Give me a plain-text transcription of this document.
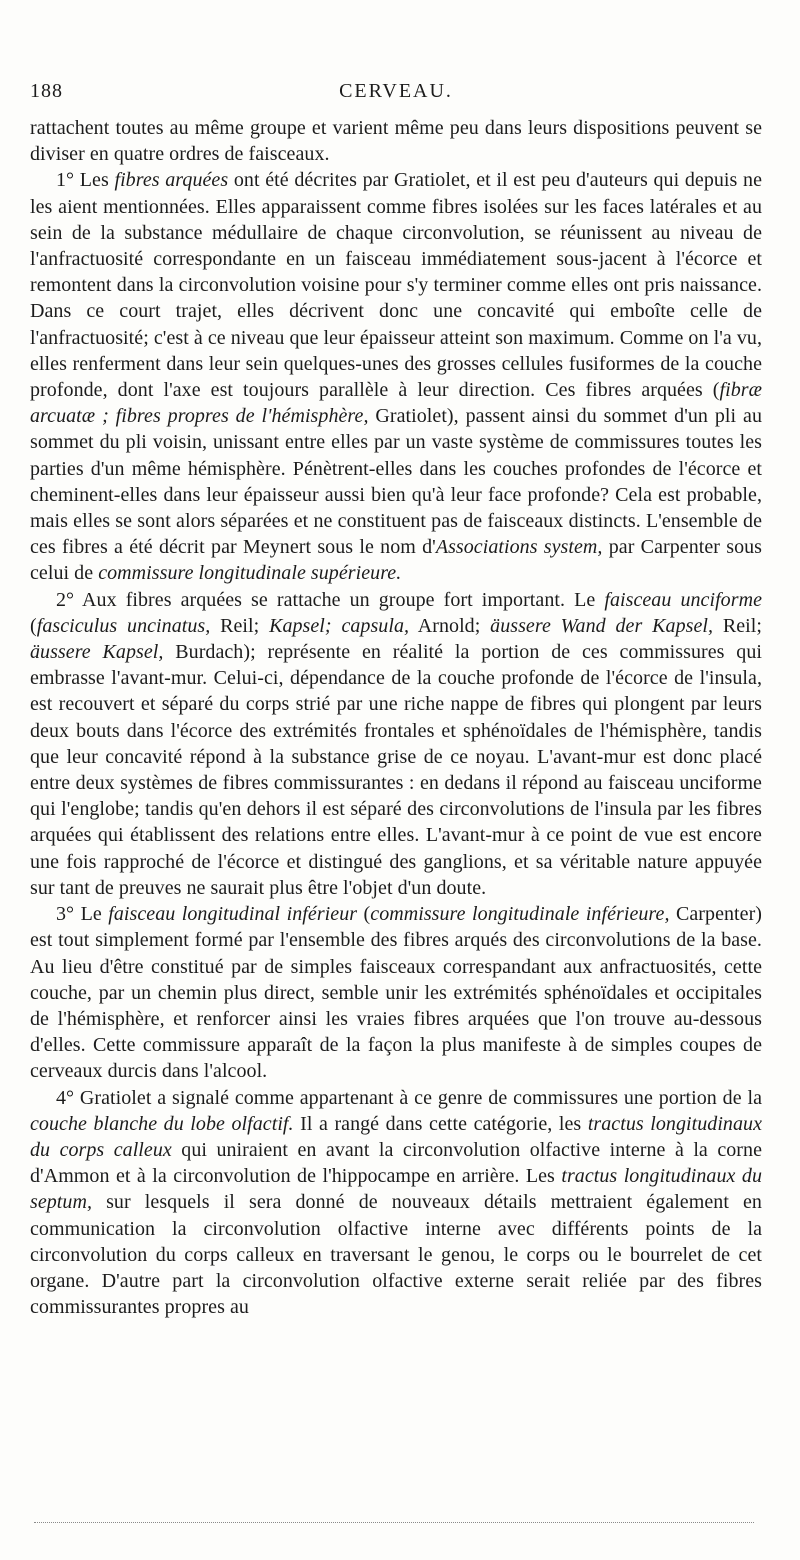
188	CERVEAU.

rattachent toutes au même groupe et varient même peu dans leurs dispositions peuvent se diviser en quatre ordres de faisceaux.

1° Les fibres arquées ont été décrites par Gratiolet, et il est peu d'auteurs qui depuis ne les aient mentionnées. Elles apparaissent comme fibres isolées sur les faces latérales et au sein de la substance médullaire de chaque circonvolution, se réunissent au niveau de l'anfractuosité correspondante en un faisceau immédiatement sous-jacent à l'écorce et remontent dans la circonvolution voisine pour s'y terminer comme elles ont pris naissance. Dans ce court trajet, elles décrivent donc une concavité qui emboîte celle de l'anfractuosité; c'est à ce niveau que leur épaisseur atteint son maximum. Comme on l'a vu, elles renferment dans leur sein quelques-unes des grosses cellules fusiformes de la couche profonde, dont l'axe est toujours parallèle à leur direction. Ces fibres arquées (fibræ arcuatæ ; fibres propres de l'hémisphère, Gratiolet), passent ainsi du sommet d'un pli au sommet du pli voisin, unissant entre elles par un vaste système de commissures toutes les parties d'un même hémisphère. Pénètrent-elles dans les couches profondes de l'écorce et cheminent-elles dans leur épaisseur aussi bien qu'à leur face profonde? Cela est probable, mais elles se sont alors séparées et ne constituent pas de faisceaux distincts. L'ensemble de ces fibres a été décrit par Meynert sous le nom d'Associations system, par Carpenter sous celui de commissure longitudinale supérieure.

2° Aux fibres arquées se rattache un groupe fort important. Le faisceau unciforme (fasciculus uncinatus, Reil; Kapsel; capsula, Arnold; äussere Wand der Kapsel, Reil; äussere Kapsel, Burdach); représente en réalité la portion de ces commissures qui embrasse l'avant-mur. Celui-ci, dépendance de la couche profonde de l'écorce de l'insula, est recouvert et séparé du corps strié par une riche nappe de fibres qui plongent par leurs deux bouts dans l'écorce des extrémités frontales et sphénoïdales de l'hémisphère, tandis que leur concavité répond à la substance grise de ce noyau. L'avant-mur est donc placé entre deux systèmes de fibres commissurantes : en dedans il répond au faisceau unciforme qui l'englobe; tandis qu'en dehors il est séparé des circonvolutions de l'insula par les fibres arquées qui établissent des relations entre elles. L'avant-mur à ce point de vue est encore une fois rapproché de l'écorce et distingué des ganglions, et sa véritable nature appuyée sur tant de preuves ne saurait plus être l'objet d'un doute.

3° Le faisceau longitudinal inférieur (commissure longitudinale inférieure, Carpenter) est tout simplement formé par l'ensemble des fibres arqués des circonvolutions de la base. Au lieu d'être constitué par de simples faisceaux correspandant aux anfractuosités, cette couche, par un chemin plus direct, semble unir les extrémités sphénoïdales et occipitales de l'hémisphère, et renforcer ainsi les vraies fibres arquées que l'on trouve au-dessous d'elles. Cette commissure apparaît de la façon la plus manifeste à de simples coupes de cerveaux durcis dans l'alcool.

4° Gratiolet a signalé comme appartenant à ce genre de commissures une portion de la couche blanche du lobe olfactif. Il a rangé dans cette catégorie, les tractus longitudinaux du corps calleux qui uniraient en avant la circonvolution olfactive interne à la corne d'Ammon et à la circonvolution de l'hippocampe en arrière. Les tractus longitudinaux du septum, sur lesquels il sera donné de nouveaux détails mettraient également en communication la circonvolution olfactive interne avec différents points de la circonvolution du corps calleux en traversant le genou, le corps ou le bourrelet de cet organe. D'autre part la circonvolution olfactive externe serait reliée par des fibres commissurantes propres au
